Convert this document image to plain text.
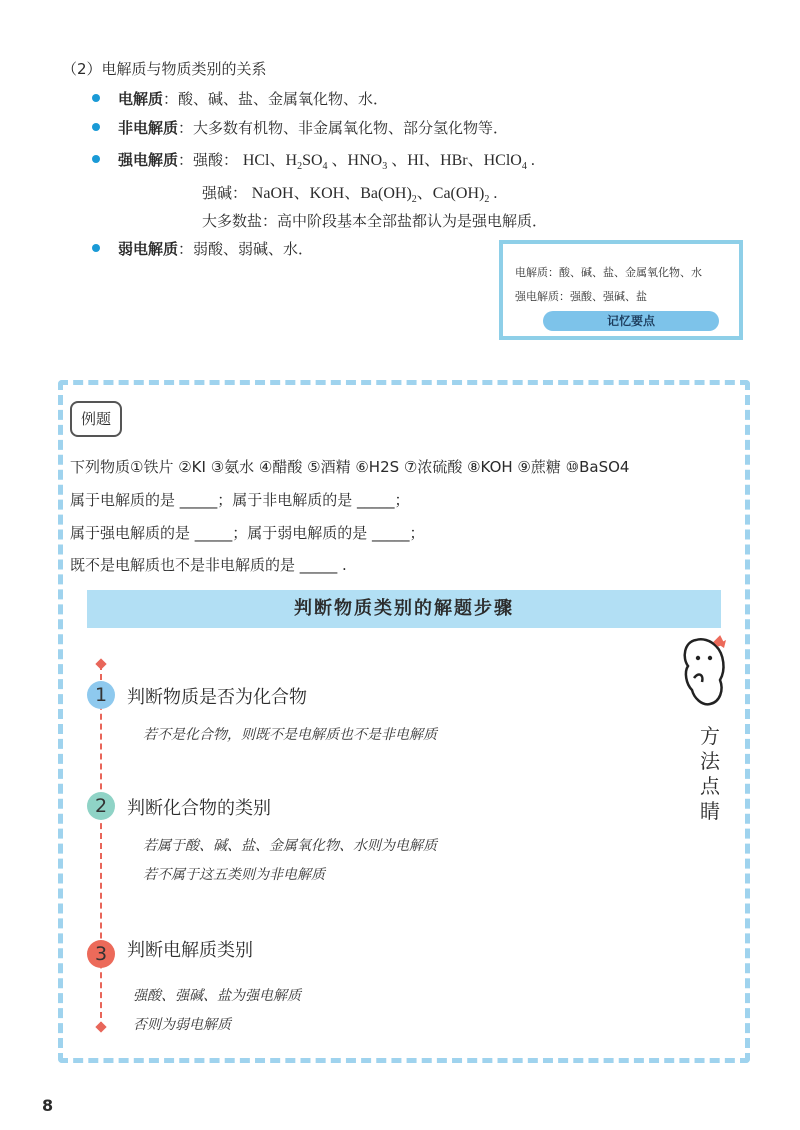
（2）电解质与物质类别的关系
电解质：酸、碱、盐、金属氧化物、水．
非电解质：大多数有机物、非金属氧化物、部分氢化物等．
强电解质：强酸： HCl、$H_2SO_4$ 、$HNO_3$ 、HI、HBr、HClO$_4$ .
强碱： NaOH、KOH、$Ba(OH)_2$、$Ca(OH)_2$ .
大多数盐：高中阶段基本全部盐都认为是强电解质．
弱电解质：弱酸、弱碱、水．
电解质：酸、碱、盐、金属氧化物、水
强电解质：强酸、强碱、盐
记忆要点
例题
下列物质①铁片 ②KI ③氨水 ④醋酸 ⑤酒精 ⑥H2S ⑦浓硫酸 ⑧KOH ⑨蔗糖 ⑩BaSO4
属于电解质的是 _____；属于非电解质的是 _____；
属于强电解质的是 _____；属于弱电解质的是 _____；
既不是电解质也不是非电解质的是 _____ .
判断物质类别的解题步骤
1	判断物质是否为化合物
若不是化合物，则既不是电解质也不是非电解质
2	判断化合物的类别
若属于酸、碱、盐、金属氧化物、水则为电解质
若不属于这五类则为非电解质
3	判断电解质类别
强酸、强碱、盐为强电解质
否则为弱电解质
方法点睛
8
